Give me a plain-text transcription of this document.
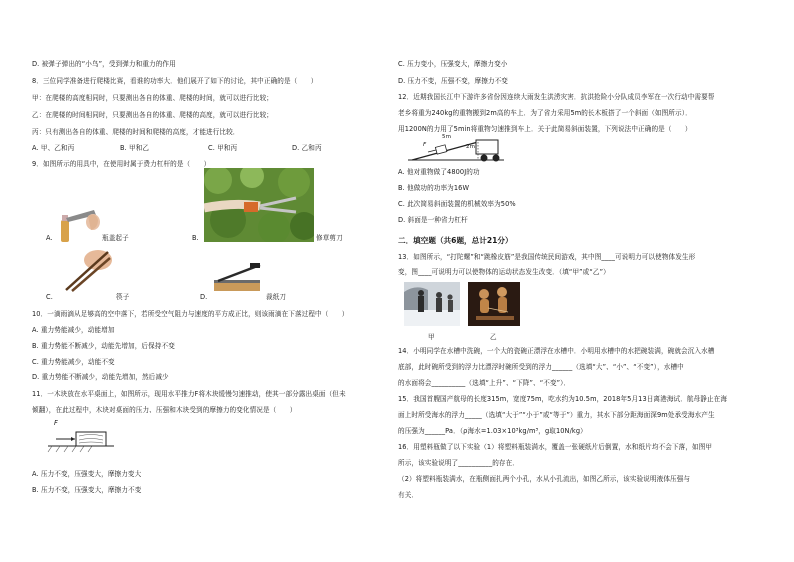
D. 被弹子弹出的“小鸟”，受到弹力和重力的作用
8．三位同学准备进行爬楼比赛，看谁的功率大．他们展开了如下的讨论，其中正确的是（　　）
甲：在爬楼的高度相同时，只要测出各自的体重、爬楼的时间，就可以进行比较；
乙：在爬楼的时间相同时，只要测出各自的体重、爬楼的高度，就可以进行比较；
丙：只有测出各自的体重、爬楼的时间和爬楼的高度，才能进行比较．
A. 甲、乙和丙	B. 甲和乙	C. 甲和丙	D. 乙和丙
9．如图所示的用具中，在使用时属于费力杠杆的是（　　）
A.	瓶盖起子	B.	修草剪刀
C.	筷子	D.	裁纸刀
10．一滴雨滴从足够高的空中落下，若所受空气阻力与速度的平方成正比，则该雨滴在下落过程中（　　）
A. 重力势能减少，动能增加
B. 重力势能不断减少，动能先增加，后保持不变
C. 重力势能减少，动能不变
D. 重力势能不断减少，动能先增加，然后减少
11．一木块放在水平桌面上，如图所示，现用水平推力F将木块缓慢匀速推动，使其一部分露出桌面（但未
倾翻），在此过程中，木块对桌面的压力、压强和木块受到的摩擦力的变化情况是（　　）
F
A. 压力不变，压强变大，摩擦力变大
B. 压力不变，压强变大，摩擦力不变
C. 压力变小，压强变大，摩擦力变小
D. 压力不变，压强不变，摩擦力不变
12．近期我国长江中下游许多省份因连续大雨发生洪涝灾害．抗洪抢险小分队成员李军在一次行动中需要帮
老乡将重为240kg的重物搬到2m高的车上．为了省力采用5m的长木板搭了一个斜面（如图所示）．
用1200N的力用了5min将重物匀速推到车上．关于此简易斜面装置，下列说法中正确的是（　　）
5m
2m
F
A. 他对重物做了4800J的功
B. 他做功的功率为16W
C. 此次简易斜面装置的机械效率为50%
D. 斜面是一种省力杠杆
二．填空题（共6题，总计21分）
13．如图所示，“打陀螺”和“跳橡皮筋”是我国传统民间游戏，其中图____可说明力可以使物体发生形
变，图____可说明力可以使物体的运动状态发生改变．（填“甲”或“乙”）
甲	乙
14．小明同学在水槽中洗碗，一个大的瓷碗正漂浮在水槽中．小明用水槽中的水把碗装满，碗就会沉入水槽
底部，此时碗所受到的浮力比漂浮时碗所受到的浮力______（选填“大”、“小”、“不变”），水槽中
的水面将会__________（选填“上升”、“下降”、“不变”）．
15．我国首艘国产航母的长度315m，宽度75m，吃水约为10.5m，2018年5月13日离港海试．航母静止在海
面上时所受海水的浮力_____（选填“大于”“小于”或“等于”）重力，其水下部分距海面深9m处承受海水产生
的压强为______Pa．（ρ海水=1.03×10³kg/m³，g取10N/kg）
16．用塑料瓶做了以下实验（1）将塑料瓶装满水，覆盖一张硬纸片后倒置，水和纸片均不会下落，如图甲
所示，该实验说明了__________的存在．
（2）将塑料瓶装满水，在瓶侧面扎两个小孔，水从小孔流出，如图乙所示，该实验说明液体压强与
有关．
